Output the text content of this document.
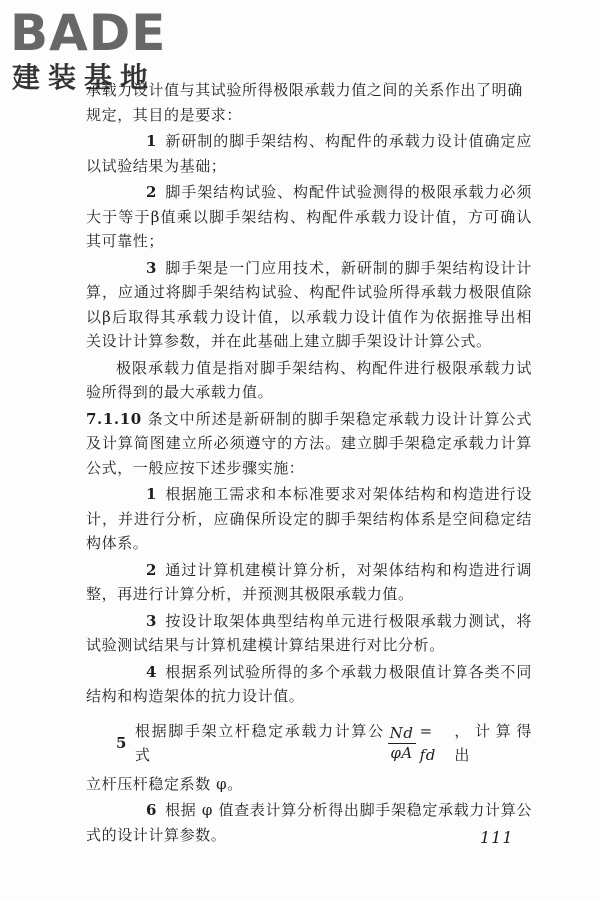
BADE
建装基地

承载力设计值与其试验所得极限承载力值之间的关系作出了明确
规定，其目的是要求：

1 新研制的脚手架结构、构配件的承载力设计值确定应以试验结果为基础；

2 脚手架结构试验、构配件试验测得的极限承载力必须大于等于β值乘以脚手架结构、构配件承载力设计值，方可确认其可靠性；

3 脚手架是一门应用技术，新研制的脚手架结构设计计算，应通过将脚手架结构试验、构配件试验所得承载力极限值除以β后取得其承载力设计值，以承载力设计值作为依据推导出相关设计计算参数，并在此基础上建立脚手架设计计算公式。

极限承载力值是指对脚手架结构、构配件进行极限承载力试验所得到的最大承载力值。

7.1.10 条文中所述是新研制的脚手架稳定承载力设计计算公式及计算简图建立所必须遵守的方法。建立脚手架稳定承载力计算公式，一般应按下述步骤实施：

1 根据施工需求和本标准要求对架体结构和构造进行设计，并进行分析，应确保所设定的脚手架结构体系是空间稳定结构体系。

2 通过计算机建模计算分析，对架体结构和构造进行调整，再进行计算分析，并预测其极限承载力值。

3 按设计取架体典型结构单元进行极限承载力测试，将试验测试结果与计算机建模计算结果进行对比分析。

4 根据系列试验所得的多个承载力极限值计算各类不同结构和构造架体的抗力设计值。

5
根据脚手架立杆稳定承载力计算公式	$\frac{Nd}{\varphi A}$ = fd
，计算得出

立杆压杆稳定系数 φ。

6 根据 φ 值查表计算分析得出脚手架稳定承载力计算公式的设计计算参数。	111
